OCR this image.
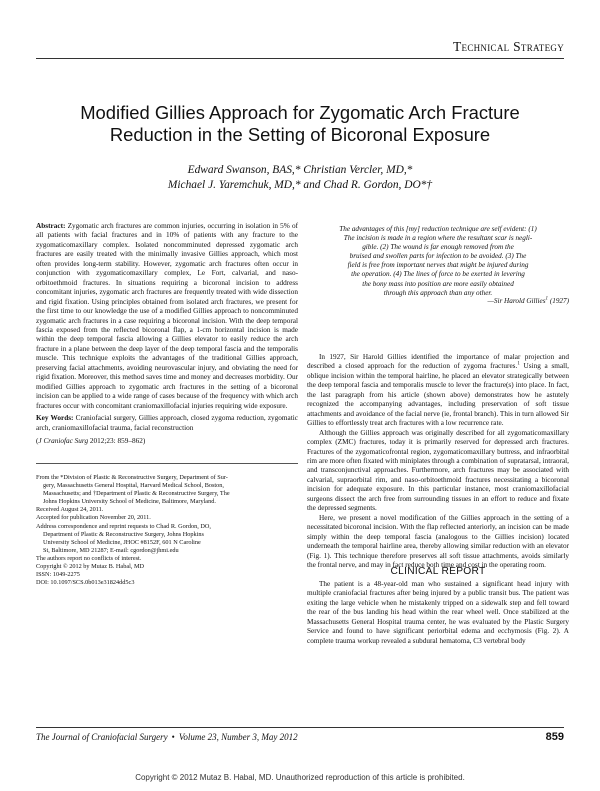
Technical Strategy
Modified Gillies Approach for Zygomatic Arch Fracture
Reduction in the Setting of Bicoronal Exposure
Edward Swanson, BAS,* Christian Vercler, MD,*
Michael J. Yaremchuk, MD,* and Chad R. Gordon, DO*†

Abstract: Zygomatic arch fractures are common injuries, occurring in isolation in 5% of all patients with facial fractures and in 10% of patients with any fracture to the zygomaticomaxillary complex. Isolated noncomminuted depressed zygomatic arch fractures are easily treated with the minimally invasive Gillies approach, which most often provides long-term stability. However, zygomatic arch fractures often occur in conjunction with zygomaticomaxillary complex, Le Fort, calvarial, and naso-orbitoethmoid fractures. In situations requiring a bicoronal incision to address concomitant injuries, zygomatic arch fractures are frequently treated with wide dissection and rigid fixation. Using principles obtained from isolated arch fractures, we present for the first time to our knowledge the use of a modified Gillies approach to noncomminuted zygomatic arch fractures in a case requiring a bicoronal incision. With the deep temporal fascia exposed from the reflected bicoronal flap, a 1-cm horizontal incision is made within the deep temporal fascia allowing a Gillies elevator to easily reduce the arch fracture in a plane between the deep layer of the deep temporal fascia and the temporalis muscle. This technique exploits the advantages of the traditional Gillies approach, preserving facial attachments, avoiding neurovascular injury, and obviating the need for rigid fixation. Moreover, this method saves time and money and decreases morbidity. Our modified Gillies approach to zygomatic arch fractures in the setting of a bicoronal incision can be applied to a wide range of cases because of the frequency with which arch fractures occur with concomitant craniomaxillofacial injuries requiring wide exposure.

Key Words: Craniofacial surgery, Gillies approach, closed zygoma reduction, zygomatic arch, craniomaxillofacial trauma, facial reconstruction

(J Craniofac Surg 2012;23: 859–862)

From the *Division of Plastic & Reconstructive Surgery, Department of Sur-
gery, Massachusetts General Hospital, Harvard Medical School, Boston,
Massachusetts; and †Department of Plastic & Reconstructive Surgery, The
Johns Hopkins University School of Medicine, Baltimore, Maryland.
Received August 24, 2011.
Accepted for publication November 20, 2011.
Address correspondence and reprint requests to Chad R. Gordon, DO,
Department of Plastic & Reconstructive Surgery, Johns Hopkins
University School of Medicine, JHOC #8152F, 601 N Caroline
St, Baltimore, MD 21287; E-mail: cgordon@jhmi.edu
The authors report no conflicts of interest.
Copyright © 2012 by Mutaz B. Habal, MD
ISSN: 1049-2275
DOI: 10.1097/SCS.0b013e31824dd5c3
The advantages of this [my] reduction technique are self evident: (1)
The incision is made in a region where the resultant scar is negli-
gible. (2) The wound is far enough removed from the
bruised and swollen parts for infection to be avoided. (3) The
field is free from important nerves that might be injured during
the operation. (4) The lines of force to be exerted in levering
the bony mass into position are more easily obtained
through this approach than any other.
—Sir Harold Gillies$^1$ (1927)

In 1927, Sir Harold Gillies identified the importance of malar projection and described a closed approach for the reduction of zygoma fractures.$^1$ Using a small, oblique incision within the temporal hairline, he placed an elevator strategically between the deep temporal fascia and temporalis muscle to lever the fracture(s) into place. In fact, the last paragraph from his article (shown above) demonstrates how he astutely recognized the accompanying advantages, including preservation of soft tissue attachments and avoidance of the facial nerve (ie, frontal branch). This in turn allowed Sir Gillies to effortlessly treat arch fractures with a low recurrence rate.

Although the Gillies approach was originally described for all zygomaticomaxillary complex (ZMC) fractures, today it is primarily reserved for depressed arch fractures. Fractures of the zygomaticofrontal region, zygomaticomaxillary buttress, and infraorbital rim are more often fixated with miniplates through a combination of supratarsal, intraoral, and transconjunctival approaches. Furthermore, arch fractures may be associated with calvarial, supraorbital rim, and naso-orbitoethmoid fractures necessitating a bicoronal incision for adequate exposure. In this particular instance, most craniomaxillofacial surgeons dissect the arch free from surrounding tissues in an effort to reduce and fixate the depressed segments.

Here, we present a novel modification of the Gillies approach in the setting of a necessitated bicoronal incision. With the flap reflected anteriorly, an incision can be made simply within the deep temporal fascia (analogous to the Gillies incision) located underneath the temporal hairline area, thereby allowing similar reduction with an elevator (Fig. 1). This technique therefore preserves all soft tissue attachments, avoids similarly the frontal nerve, and may in fact reduce both time and cost in the operating room.

CLINICAL REPORT

The patient is a 48-year-old man who sustained a significant head injury with multiple craniofacial fractures after being injured by a public transit bus. The patient was exiting the large vehicle when he mistakenly tripped on a sidewalk step and fell toward the rear of the bus landing his head within the rear wheel well. Once stabilized at the Massachusetts General Hospital trauma center, he was evaluated by the Plastic Surgery Service and found to have significant periorbital edema and ecchymosis (Fig. 2). A complete trauma workup revealed a subdural hematoma, C3 vertebral body

The Journal of Craniofacial Surgery • Volume 23, Number 3, May 2012	859
Copyright © 2012 Mutaz B. Habal, MD. Unauthorized reproduction of this article is prohibited.
